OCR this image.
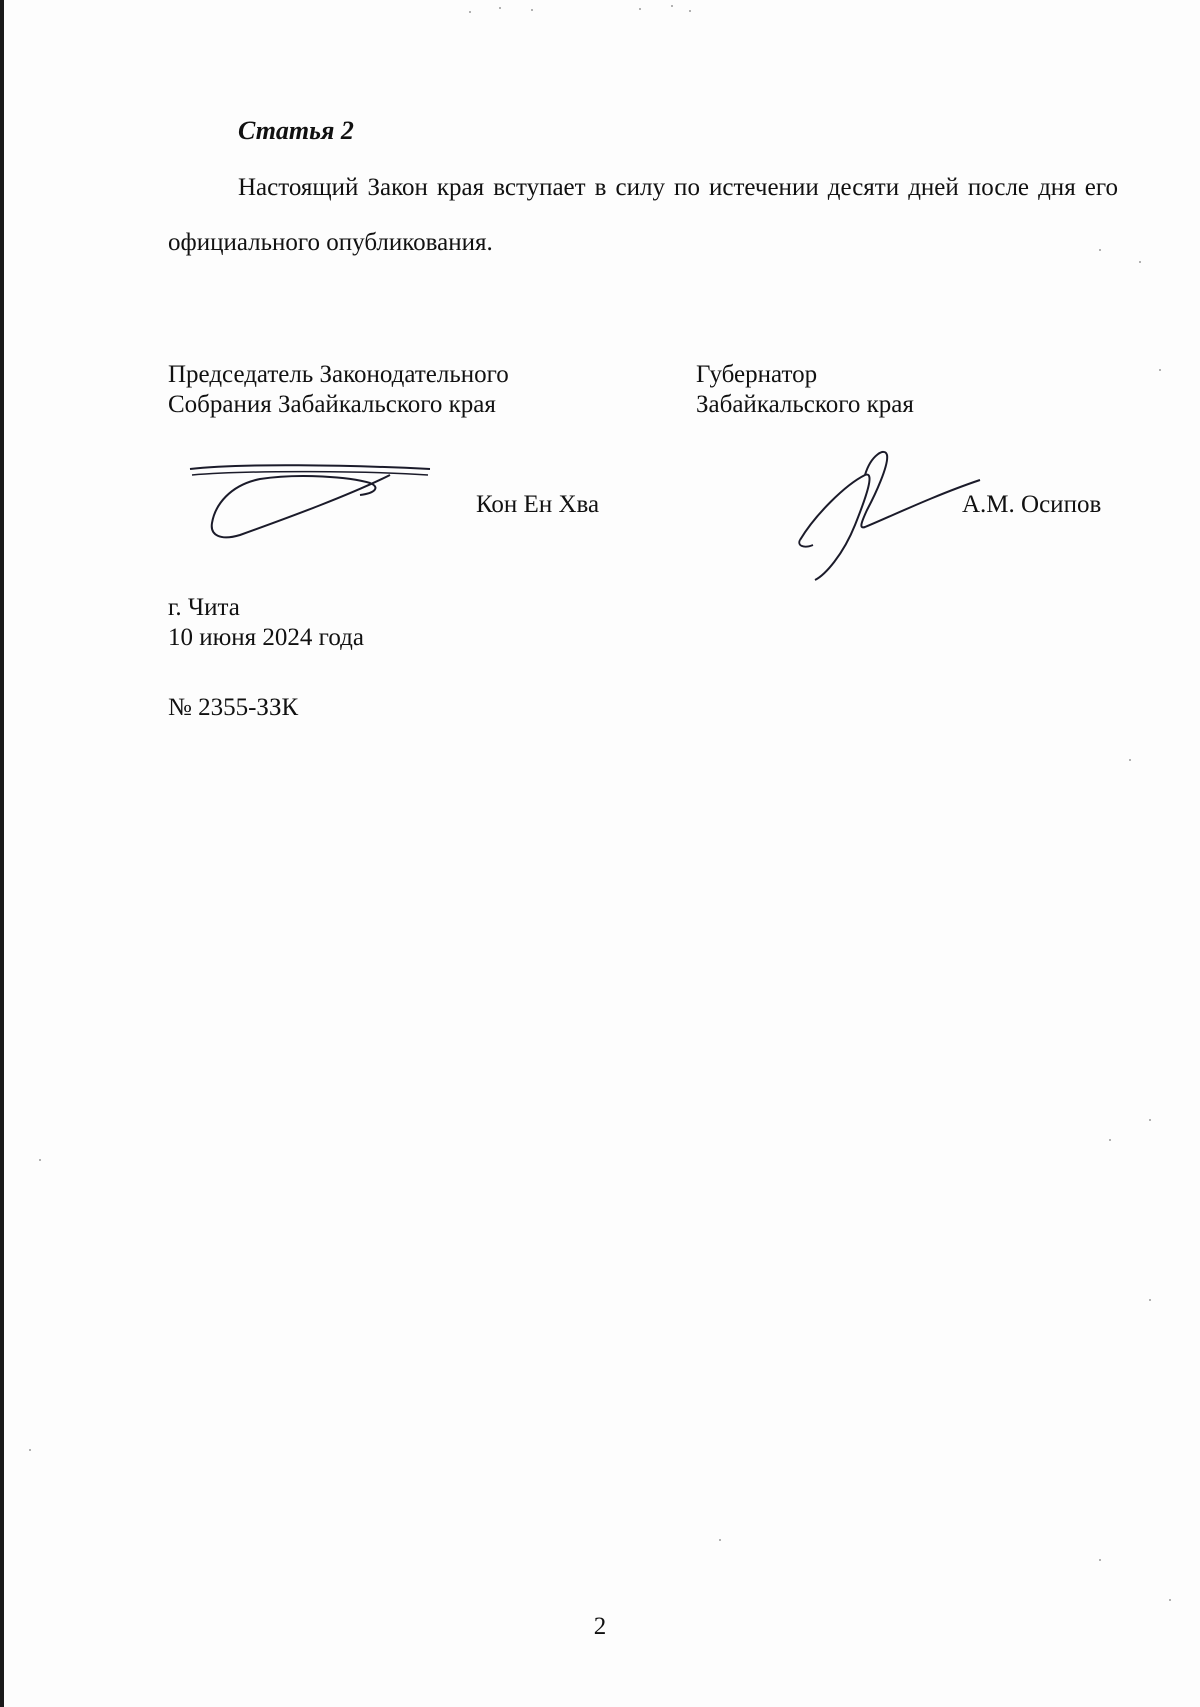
Статья 2

Настоящий Закон края вступает в силу по истечении десяти дней после дня его официального опубликования.

Председатель Законодательного
Собрания Забайкальского края
Губернатор
Забайкальского края
Кон Ен Хва	А.М. Осипов
г. Чита
10 июня 2024 года
№ 2355-ЗЗК
2
